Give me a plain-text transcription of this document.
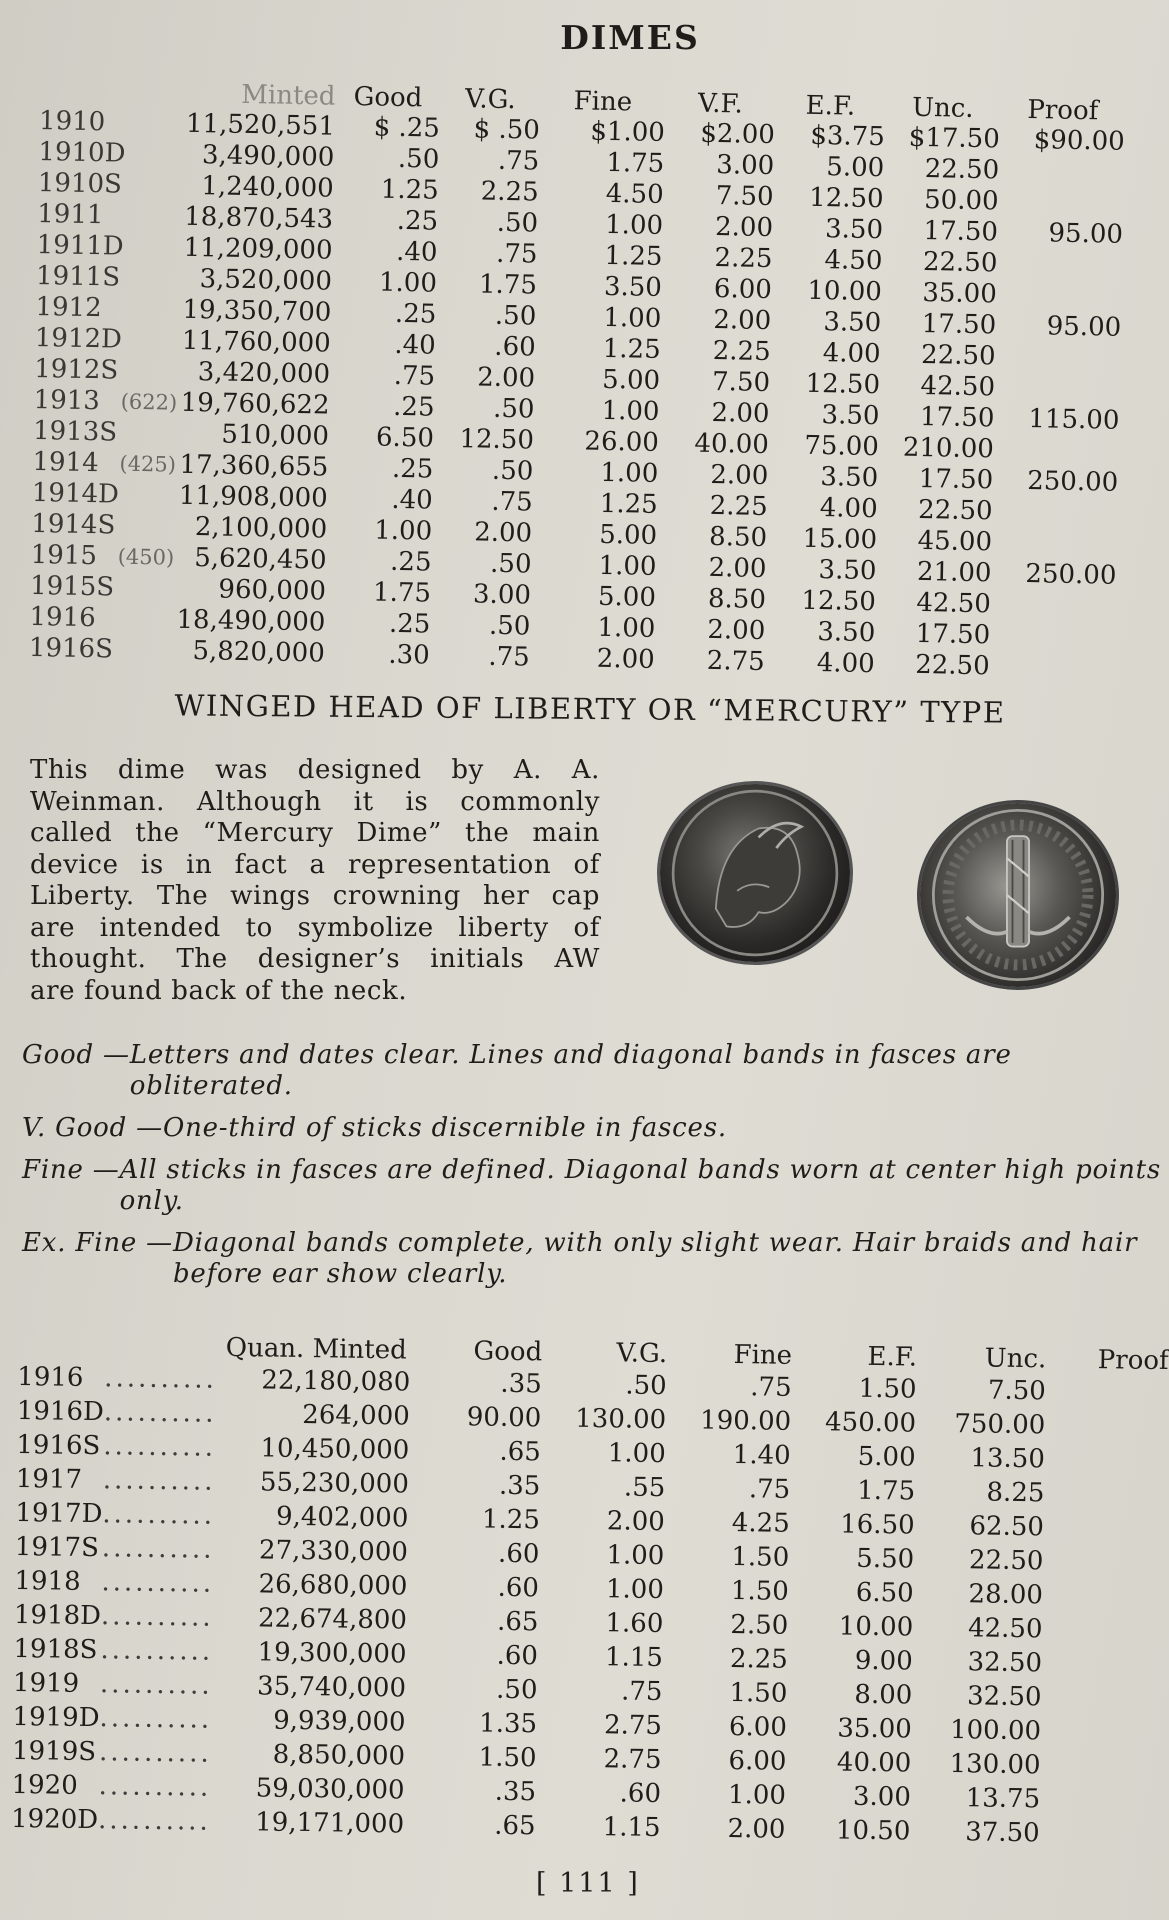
DIMES
		Minted	Good	V.G.	Fine	V.F.	E.F.	Unc.	Proof
1910		11,520,551	$ .25	$ .50	$1.00	$2.00	$3.75	$17.50	$90.00
1910D		3,490,000	.50	.75	1.75	3.00	5.00	22.50	
1910S		1,240,000	1.25	2.25	4.50	7.50	12.50	50.00	
1911		18,870,543	.25	.50	1.00	2.00	3.50	17.50	95.00
1911D		11,209,000	.40	.75	1.25	2.25	4.50	22.50	
1911S		3,520,000	1.00	1.75	3.50	6.00	10.00	35.00	
1912		19,350,700	.25	.50	1.00	2.00	3.50	17.50	95.00
1912D		11,760,000	.40	.60	1.25	2.25	4.00	22.50	
1912S		3,420,000	.75	2.00	5.00	7.50	12.50	42.50	
1913	(622)	19,760,622	.25	.50	1.00	2.00	3.50	17.50	115.00
1913S		510,000	6.50	12.50	26.00	40.00	75.00	210.00	
1914	(425)	17,360,655	.25	.50	1.00	2.00	3.50	17.50	250.00
1914D		11,908,000	.40	.75	1.25	2.25	4.00	22.50	
1914S		2,100,000	1.00	2.00	5.00	8.50	15.00	45.00	
1915	(450)	5,620,450	.25	.50	1.00	2.00	3.50	21.00	250.00
1915S		960,000	1.75	3.00	5.00	8.50	12.50	42.50	
1916		18,490,000	.25	.50	1.00	2.00	3.50	17.50	
1916S		5,820,000	.30	.75	2.00	2.75	4.00	22.50	
WINGED HEAD OF LIBERTY OR “MERCURY” TYPE
This dime was designed by A. A.
Weinman. Although it is commonly
called the “Mercury Dime” the main
device is in fact a representation of
Liberty. The wings crowning her cap
are intended to symbolize liberty of
thought. The designer’s initials AW
are found back of the neck.
Good — Letters and dates clear. Lines and diagonal bands in fasces are obliterated.
V. Good — One-third of sticks discernible in fasces.
Fine — All sticks in fasces are defined. Diagonal bands worn at center high points only.
Ex. Fine — Diagonal bands complete, with only slight wear. Hair braids and hair before ear show clearly.
Quan. Minted			Good	V.G.	Fine	E.F.	Unc.	Proof
1916	..........	22,180,080	.35	.50	.75	1.50	7.50	
1916D	..........	264,000	90.00	130.00	190.00	450.00	750.00	
1916S	..........	10,450,000	.65	1.00	1.40	5.00	13.50	
1917	..........	55,230,000	.35	.55	.75	1.75	8.25	
1917D	..........	9,402,000	1.25	2.00	4.25	16.50	62.50	
1917S	..........	27,330,000	.60	1.00	1.50	5.50	22.50	
1918	..........	26,680,000	.60	1.00	1.50	6.50	28.00	
1918D	..........	22,674,800	.65	1.60	2.50	10.00	42.50	
1918S	..........	19,300,000	.60	1.15	2.25	9.00	32.50	
1919	..........	35,740,000	.50	.75	1.50	8.00	32.50	
1919D	..........	9,939,000	1.35	2.75	6.00	35.00	100.00	
1919S	..........	8,850,000	1.50	2.75	6.00	40.00	130.00	
1920	..........	59,030,000	.35	.60	1.00	3.00	13.75	
1920D	..........	19,171,000	.65	1.15	2.00	10.50	37.50	
[ 111 ]
